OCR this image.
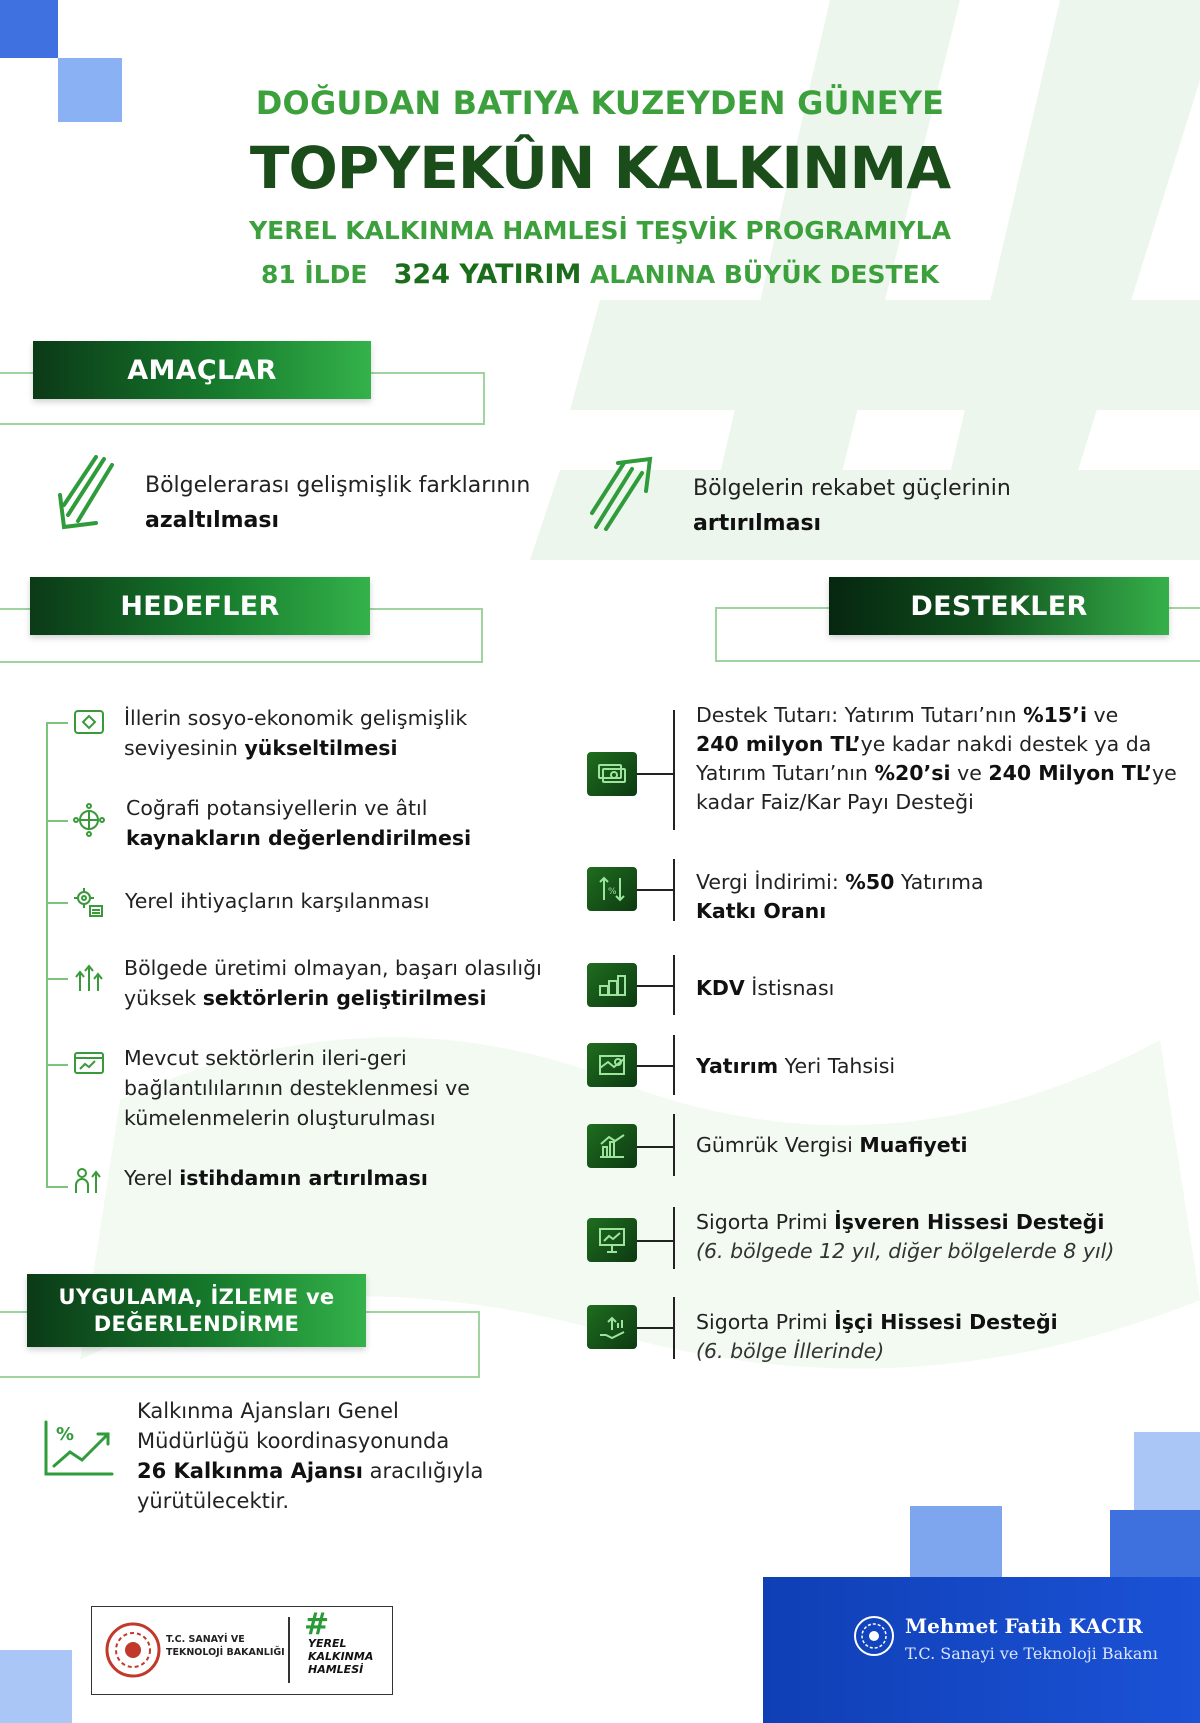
DOĞUDAN BATIYA KUZEYDEN GÜNEYE
TOPYEKÛN KALKINMA
YEREL KALKINMA HAMLESİ TEŞVİK PROGRAMIYLA
81 İLDE 324 YATIRIM ALANINA BÜYÜK DESTEK
AMAÇLAR
Bölgelerarası gelişmişlik farklarının
azaltılması
Bölgelerin rekabet güçlerinin
artırılması
HEDEFLER	DESTEKLER
İllerin sosyo-ekonomik gelişmişlik
seviyesinin yükseltilmesi
Coğrafi potansiyellerin ve âtıl
kaynakların değerlendirilmesi
Yerel ihtiyaçların karşılanması
Bölgede üretimi olmayan, başarı olasılığı
yüksek sektörlerin geliştirilmesi
Mevcut sektörlerin ileri-geri
bağlantılılarının desteklenmesi ve
kümelenmelerin oluşturulması
Yerel istihdamın artırılması
Destek Tutarı: Yatırım Tutarı’nın %15’i ve
240 milyon TL’ye kadar nakdi destek ya da
Yatırım Tutarı’nın %20’si ve 240 Milyon TL’ye
kadar Faiz/Kar Payı Desteği
%	Vergi İndirimi: %50 Yatırıma
Katkı Oranı
KDV İstisnası
Yatırım Yeri Tahsisi
Gümrük Vergisi Muafiyeti
Sigorta Primi İşveren Hissesi Desteği
(6. bölgede 12 yıl, diğer bölgelerde 8 yıl)
Sigorta Primi İşçi Hissesi Desteği
(6. bölge İllerinde)
UYGULAMA, İZLEME ve
DEĞERLENDİRME
%
Kalkınma Ajansları Genel
Müdürlüğü koordinasyonunda
26 Kalkınma Ajansı aracılığıyla
yürütülecektir.
T.C. SANAYİ VE
TEKNOLOJİ BAKANLIĞI
#
YEREL
KALKINMA
HAMLESİ
Mehmet Fatih KACIR
T.C. Sanayi ve Teknoloji Bakanı
